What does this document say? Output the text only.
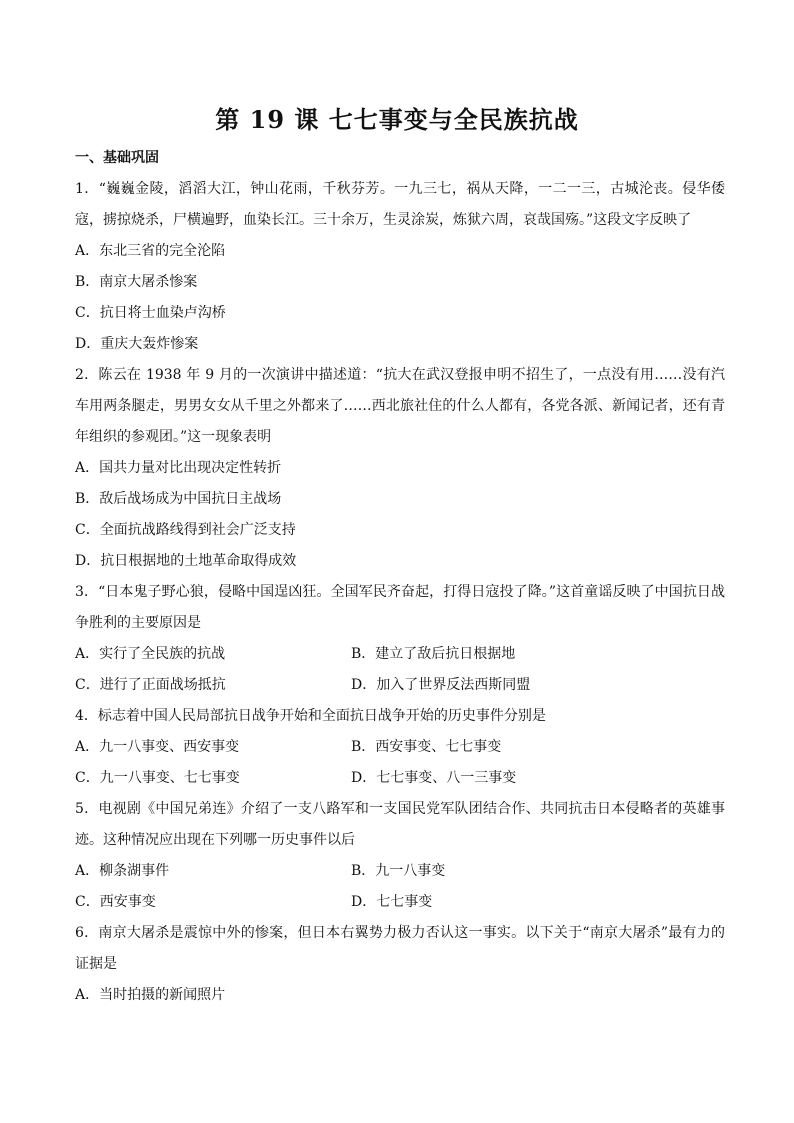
第 19 课 七七事变与全民族抗战
一、基础巩固
1．“巍巍金陵，滔滔大江，钟山花雨，千秋芬芳。一九三七，祸从天降，一二一三，古城沦丧。侵华倭寇，掳掠烧杀，尸横遍野，血染长江。三十余万，生灵涂炭，炼狱六周，哀哉国殇。”这段文字反映了
A．东北三省的完全沦陷
B．南京大屠杀惨案
C．抗日将士血染卢沟桥
D．重庆大轰炸惨案
2．陈云在 1938 年 9 月的一次演讲中描述道：“抗大在武汉登报申明不招生了，一点没有用……没有汽车用两条腿走，男男女女从千里之外都来了……西北旅社住的什么人都有，各党各派、新闻记者，还有青年组织的参观团。”这一现象表明
A．国共力量对比出现决定性转折
B．敌后战场成为中国抗日主战场
C．全面抗战路线得到社会广泛支持
D．抗日根据地的土地革命取得成效
3．“日本鬼子野心狼，侵略中国逞凶狂。全国军民齐奋起，打得日寇投了降。”这首童谣反映了中国抗日战争胜利的主要原因是
A．实行了全民族的抗战	B．建立了敌后抗日根据地
C．进行了正面战场抵抗	D．加入了世界反法西斯同盟
4．标志着中国人民局部抗日战争开始和全面抗日战争开始的历史事件分别是
A．九一八事变、西安事变	B．西安事变、七七事变
C．九一八事变、七七事变	D．七七事变、八一三事变
5．电视剧《中国兄弟连》介绍了一支八路军和一支国民党军队团结合作、共同抗击日本侵略者的英雄事迹。这种情况应出现在下列哪一历史事件以后
A．柳条湖事件	B．九一八事变
C．西安事变	D．七七事变
6．南京大屠杀是震惊中外的惨案，但日本右翼势力极力否认这一事实。以下关于“南京大屠杀”最有力的证据是
A．当时拍摄的新闻照片
